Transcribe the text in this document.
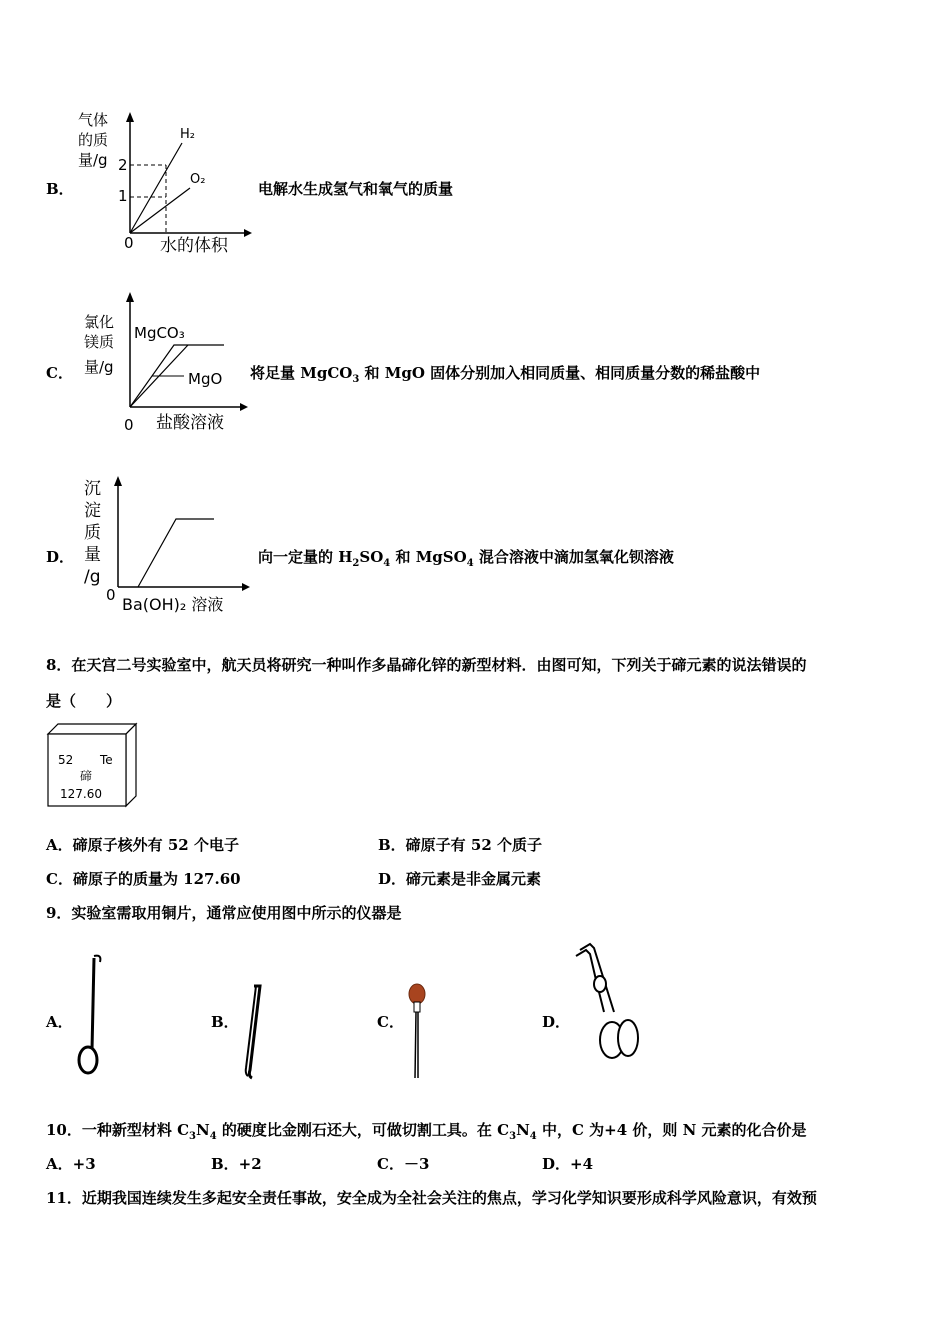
B．
气体
的质
量/g 2
1
0 水的体积
H₂
O₂
电解水生成氢气和氧气的质量
C．
氯化
镁质
量/g
MgCO₃
MgO
0 盐酸溶液
将足量 MgCO$_3$ 和 MgO 固体分别加入相同质量、相同质量分数的稀盐酸中
D．
沉
淀
质
量
/g
0 Ba(OH)₂ 溶液
向一定量的 $H_2SO_4$ 和 MgSO$_4$ 混合溶液中滴加氢氧化钡溶液
8．在天宫二号实验室中，航天员将研究一种叫作多晶碲化锌的新型材料．由图可知，下列关于碲元素的说法错误的
是（　　）
52 Te
碲
127.60
A．碲原子核外有 52 个电子	B．碲原子有 52 个质子
C．碲原子的质量为 127.60	D．碲元素是非金属元素
9．实验室需取用铜片，通常应使用图中所示的仪器是
A．	B．	C．	D．
10．一种新型材料 $C_3N_4$ 的硬度比金刚石还大，可做切割工具。在 $C_3N_4$ 中，C 为+4 价，则 N 元素的化合价是
A．+3	B．+2	C．－3	D．+4
11．近期我国连续发生多起安全责任事故，安全成为全社会关注的焦点，学习化学知识要形成科学风险意识，有效预
